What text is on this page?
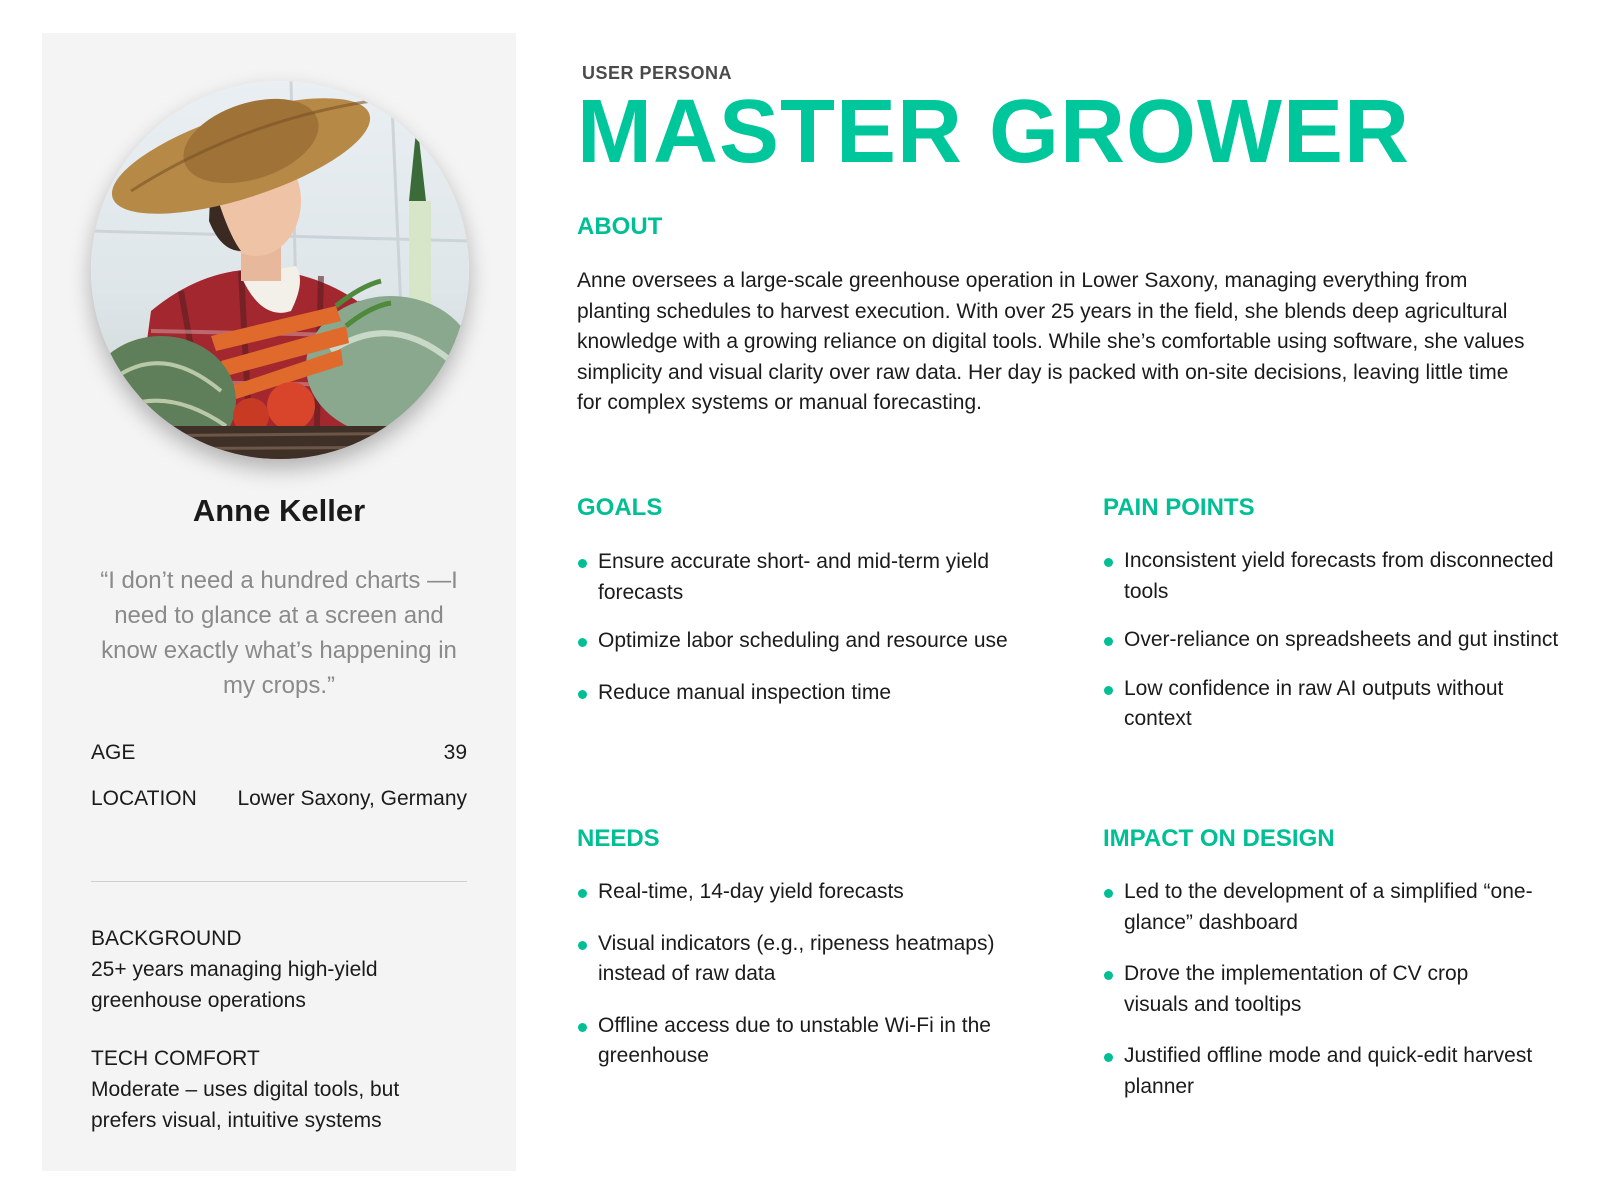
Anne Keller
“I don’t need a hundred charts —I need to glance at a screen and know exactly what’s happening in my crops.”
AGE	39
LOCATION Lower Saxony, Germany
BACKGROUND
25+ years managing high-yield greenhouse operations
TECH COMFORT
Moderate – uses digital tools, but prefers visual, intuitive systems
USER PERSONA
MASTER GROWER
ABOUT
Anne oversees a large-scale greenhouse operation in Lower Saxony, managing everything from planting schedules to harvest execution. With over 25 years in the field, she blends deep agricultural knowledge with a growing reliance on digital tools. While she’s comfortable using software, she values simplicity and visual clarity over raw data. Her day is packed with on-site decisions, leaving little time for complex systems or manual forecasting.
GOALS
Ensure accurate short- and mid-term yield forecasts
Optimize labor scheduling and resource use
Reduce manual inspection time
PAIN POINTS
Inconsistent yield forecasts from disconnected tools
Over-reliance on spreadsheets and gut instinct
Low confidence in raw AI outputs without context
NEEDS
Real-time, 14-day yield forecasts
Visual indicators (e.g., ripeness heatmaps) instead of raw data
Offline access due to unstable Wi-Fi in the greenhouse
IMPACT ON DESIGN
Led to the development of a simplified “one-glance” dashboard
Drove the implementation of CV crop visuals and tooltips
Justified offline mode and quick-edit harvest planner
